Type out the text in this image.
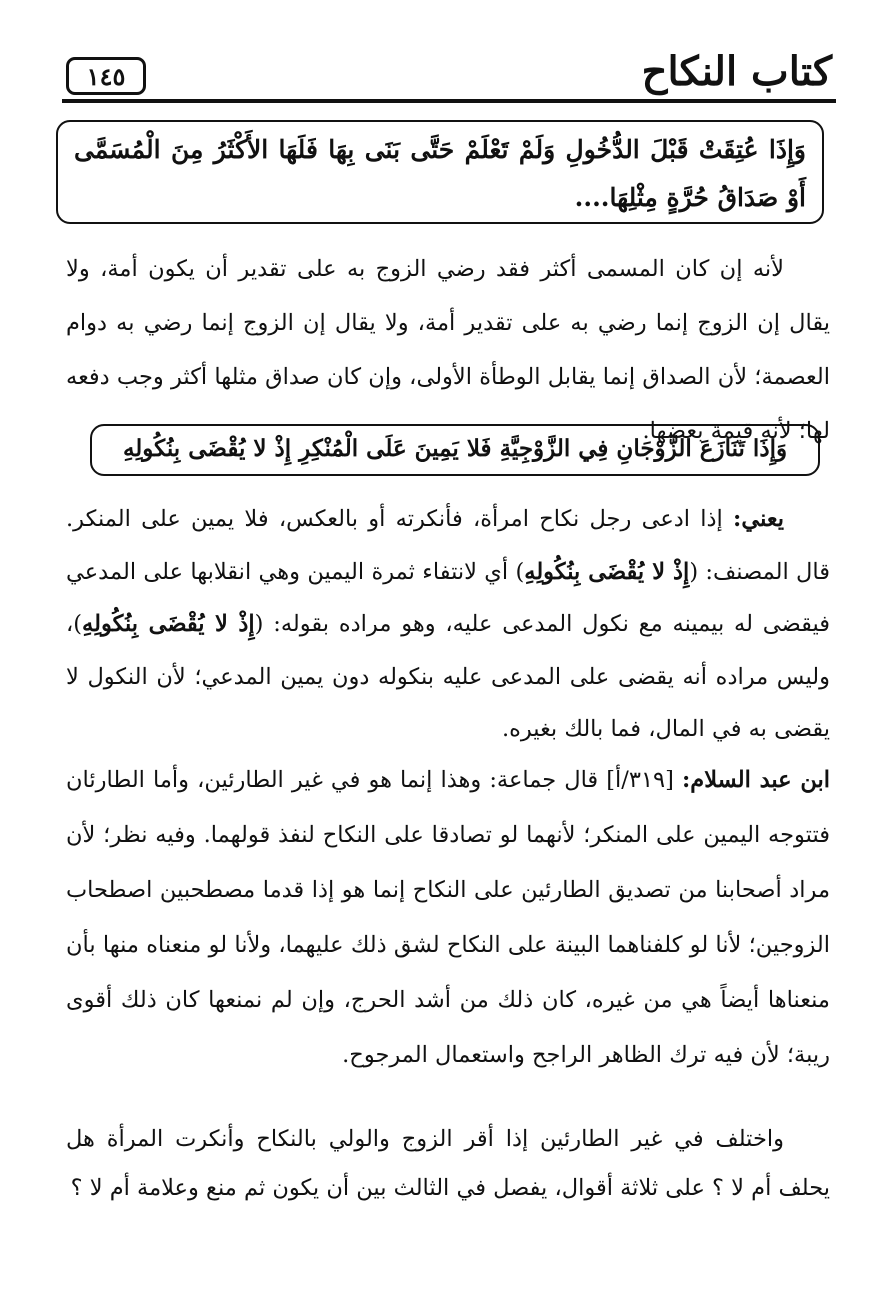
كتاب النكاح
١٤٥
وَإِذَا عُتِقَتْ قَبْلَ الدُّخُولِ وَلَمْ تَعْلَمْ حَتَّى بَنَى بِهَا فَلَهَا الأَكْثَرُ مِنَ الْمُسَمَّى أَوْ صَدَاقُ حُرَّةٍ مِثْلِهَا....
لأنه إن كان المسمى أكثر فقد رضي الزوج به على تقدير أن يكون أمة، ولا يقال إن الزوج إنما رضي به على تقدير أمة، ولا يقال إن الزوج إنما رضي به دوام العصمة؛ لأن الصداق إنما يقابل الوطأة الأولى، وإن كان صداق مثلها أكثر وجب دفعه لها؛ لأنه قيمة بعضها.
وَإِذَا تَنَازَعَ الزَّوْجَانِ فِي الزَّوْجِيَّةِ فَلا يَمِينَ عَلَى الْمُنْكِرِ إِذْ لا يُقْضَى بِنُكُولِهِ
يعني: إذا ادعى رجل نكاح امرأة، فأنكرته أو بالعكس، فلا يمين على المنكر. قال المصنف: (إِذْ لا يُقْضَى بِنُكُولِهِ) أي لانتفاء ثمرة اليمين وهي انقلابها على المدعي فيقضى له بيمينه مع نكول المدعى عليه، وهو مراده بقوله: (إِذْ لا يُقْضَى بِنُكُولِهِ)، وليس مراده أنه يقضى على المدعى عليه بنكوله دون يمين المدعي؛ لأن النكول لا يقضى به في المال، فما بالك بغيره.
ابن عبد السلام: [٣١٩/أ] قال جماعة: وهذا إنما هو في غير الطارئين، وأما الطارئان فتتوجه اليمين على المنكر؛ لأنهما لو تصادقا على النكاح لنفذ قولهما. وفيه نظر؛ لأن مراد أصحابنا من تصديق الطارئين على النكاح إنما هو إذا قدما مصطحبين اصطحاب الزوجين؛ لأنا لو كلفناهما البينة على النكاح لشق ذلك عليهما، ولأنا لو منعناه منها بأن منعناها أيضاً هي من غيره، كان ذلك من أشد الحرج، وإن لم نمنعها كان ذلك أقوى ريبة؛ لأن فيه ترك الظاهر الراجح واستعمال المرجوح.
واختلف في غير الطارئين إذا أقر الزوج والولي بالنكاح وأنكرت المرأة هل يحلف أم لا ؟ على ثلاثة أقوال، يفصل في الثالث بين أن يكون ثم منع وعلامة أم لا ؟
